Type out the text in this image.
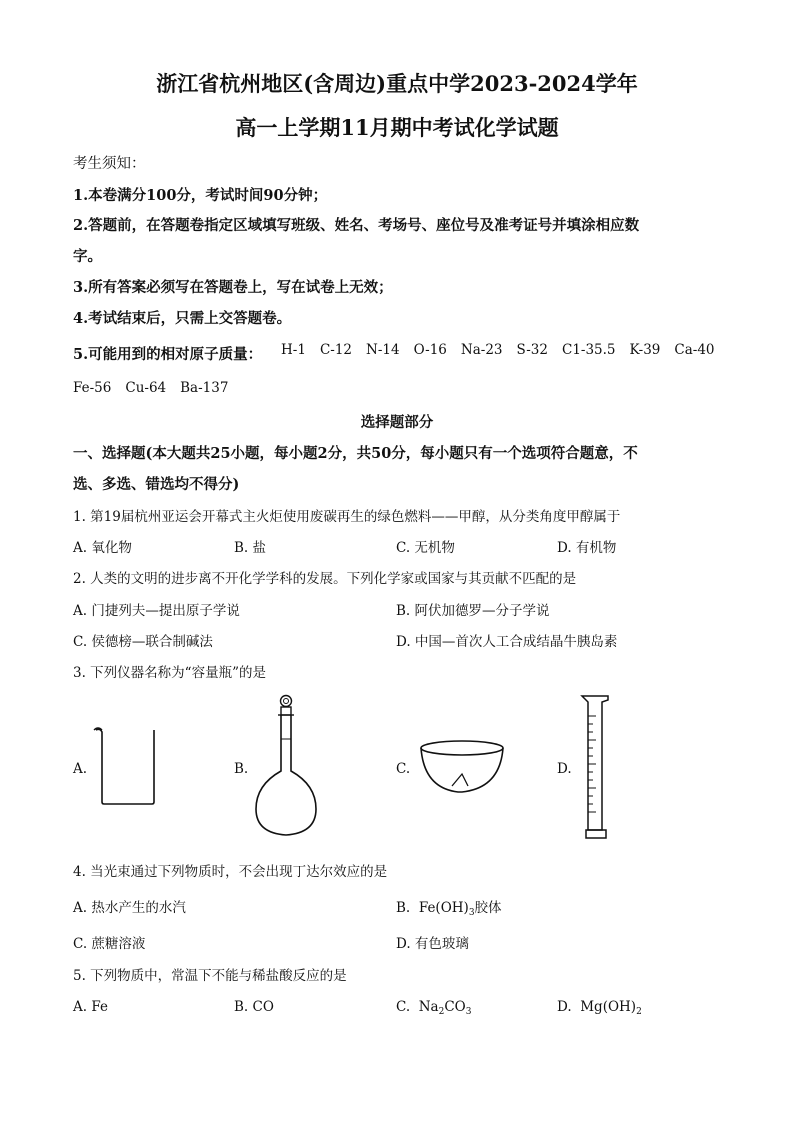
浙江省杭州地区(含周边)重点中学2023-2024学年
高一上学期11月期中考试化学试题
考生须知：
1.本卷满分100分，考试时间90分钟；
2.答题前，在答题卷指定区域填写班级、姓名、考场号、座位号及准考证号并填涂相应数
字。
3.所有答案必须写在答题卷上，写在试卷上无效；
4.考试结束后，只需上交答题卷。
5.可能用到的相对原子质量： H-1 C-12 N-14 O-16 Na-23 S-32 C1-35.5 K-39 Ca-40
Fe-56 Cu-64 Ba-137
选择题部分
一、选择题(本大题共25小题，每小题2分，共50分，每小题只有一个选项符合题意，不
选、多选、错选均不得分)
1. 第19届杭州亚运会开幕式主火炬使用废碳再生的绿色燃料——甲醇，从分类角度甲醇属于
A. 氧化物	B. 盐	C. 无机物	D. 有机物
2. 人类的文明的进步离不开化学学科的发展。下列化学家或国家与其贡献不匹配的是
A. 门捷列夫—提出原子学说	B. 阿伏加德罗—分子学说
C. 侯德榜—联合制碱法	D. 中国—首次人工合成结晶牛胰岛素
3. 下列仪器名称为“容量瓶”的是
A.	B.	C.	D.
4. 当光束通过下列物质时，不会出现丁达尔效应的是
A. 热水产生的水汽	B. $Fe(OH)_3$胶体
C. 蔗糖溶液	D. 有色玻璃
5. 下列物质中，常温下不能与稀盐酸反应的是
A. Fe	B. CO	C. $Na_2CO_3$	D. $Mg(OH)_2$
